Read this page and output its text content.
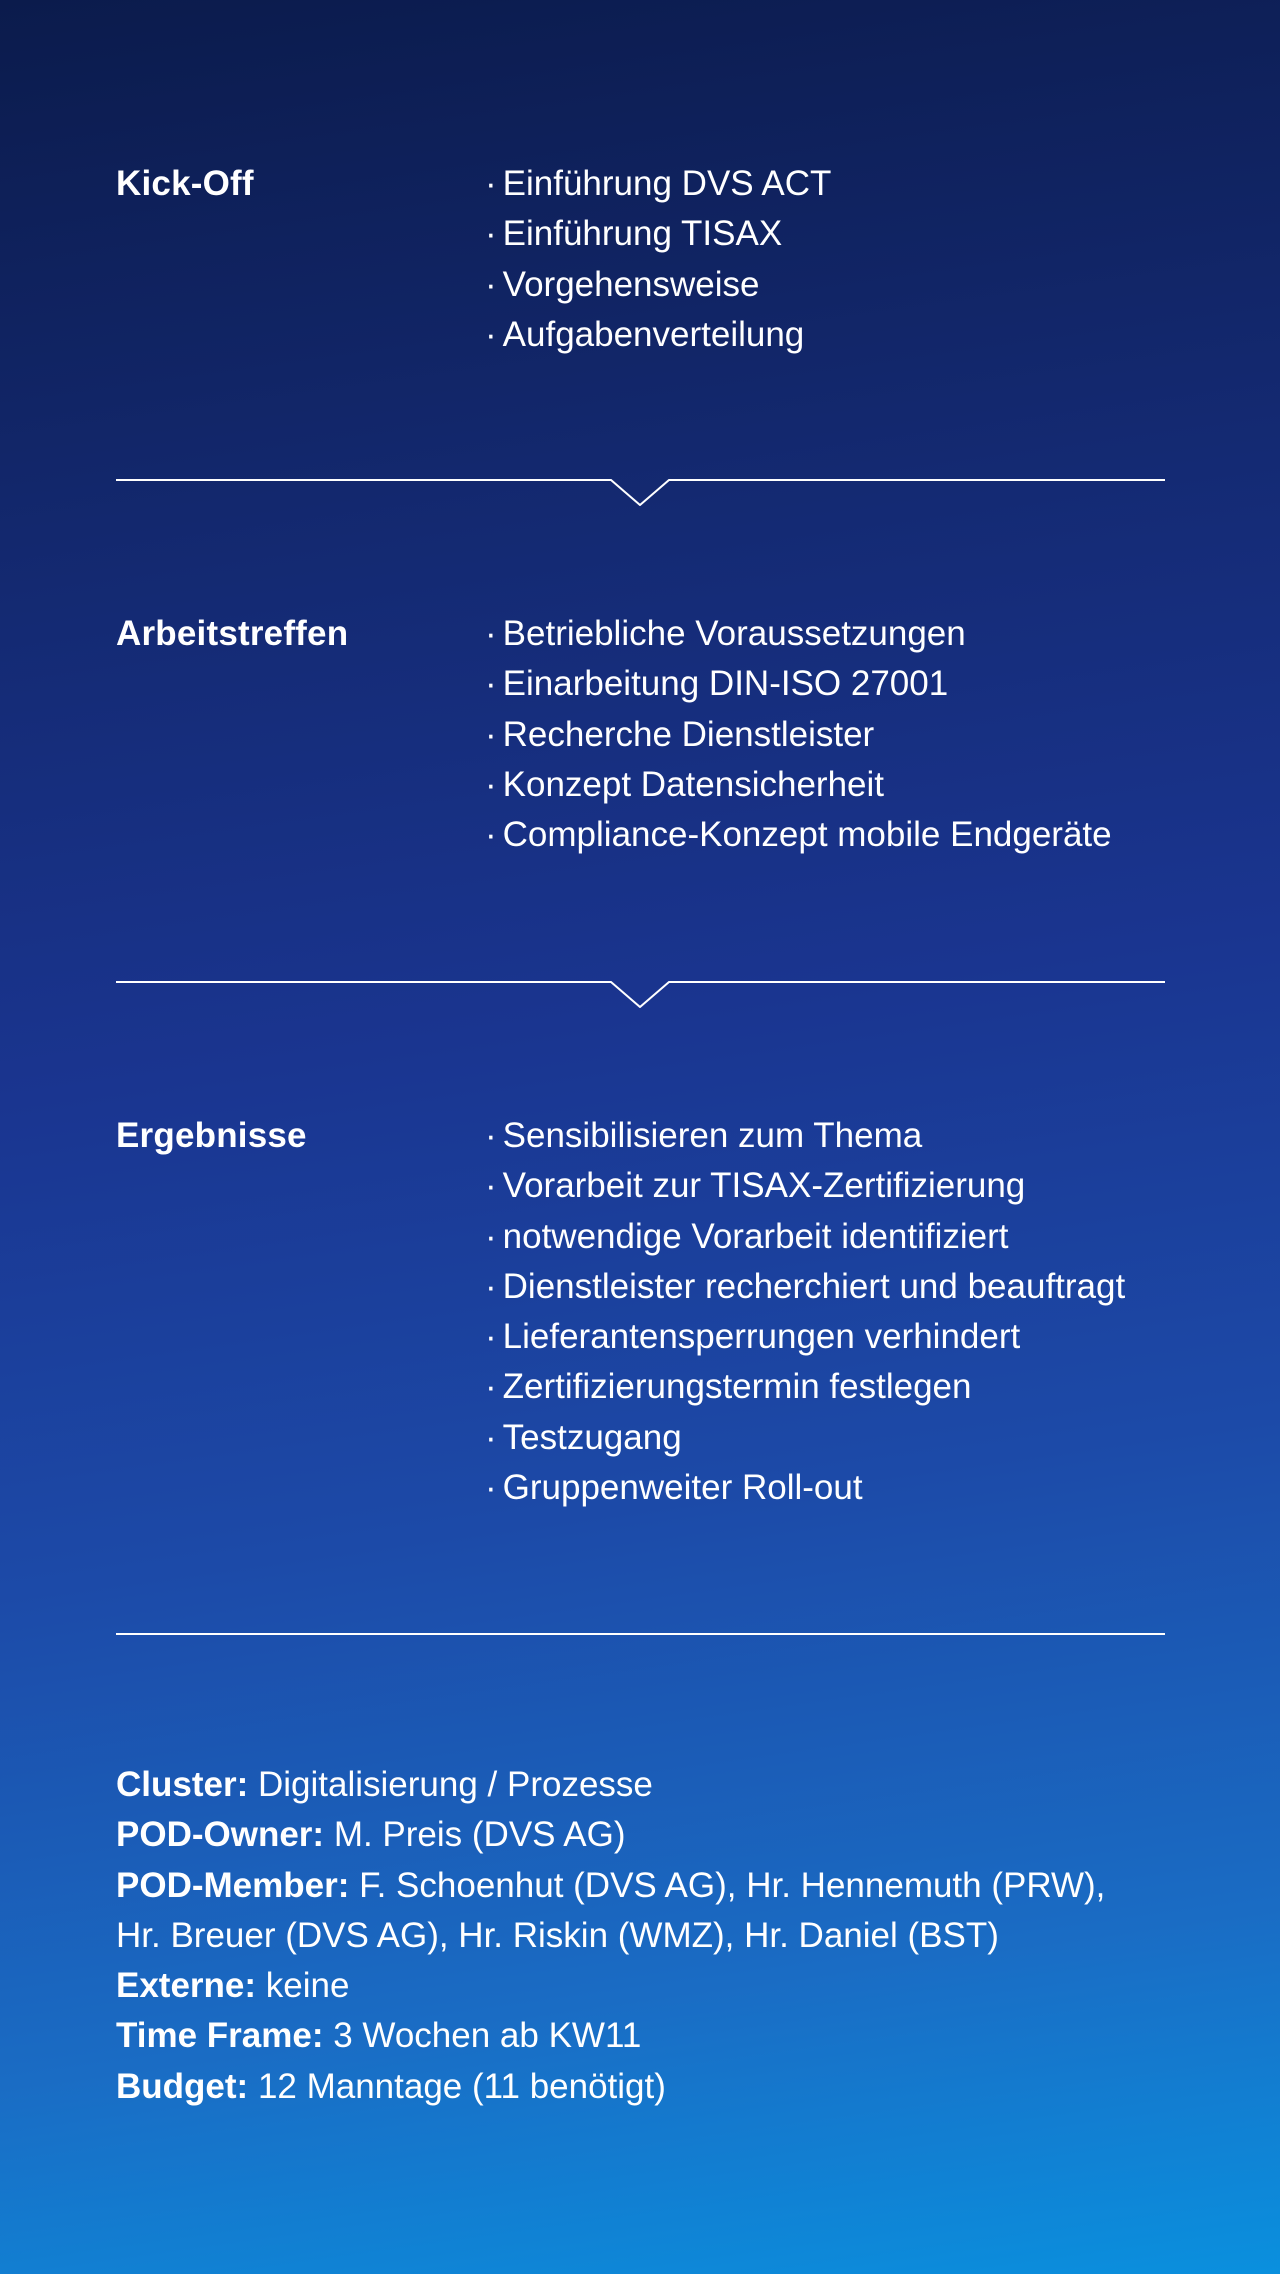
Kick-Off	· Einführung DVS ACT
· Einführung TISAX
· Vorgehensweise
· Aufgabenverteilung
Arbeitstreffen	· Betriebliche Voraussetzungen
· Einarbeitung DIN-ISO 27001
· Recherche Dienstleister
· Konzept Datensicherheit
· Compliance-Konzept mobile Endgeräte
Ergebnisse	· Sensibilisieren zum Thema
· Vorarbeit zur TISAX-Zertifizierung
· notwendige Vorarbeit identifiziert
· Dienstleister recherchiert und beauftragt
· Lieferantensperrungen verhindert
· Zertifizierungstermin festlegen
· Testzugang
· Gruppenweiter Roll-out
Cluster: Digitalisierung / Prozesse
POD-Owner: M. Preis (DVS AG)
POD-Member: F. Schoenhut (DVS AG), Hr. Hennemuth (PRW),
Hr. Breuer (DVS AG), Hr. Riskin (WMZ), Hr. Daniel (BST)
Externe: keine
Time Frame: 3 Wochen ab KW11
Budget: 12 Manntage (11 benötigt)
